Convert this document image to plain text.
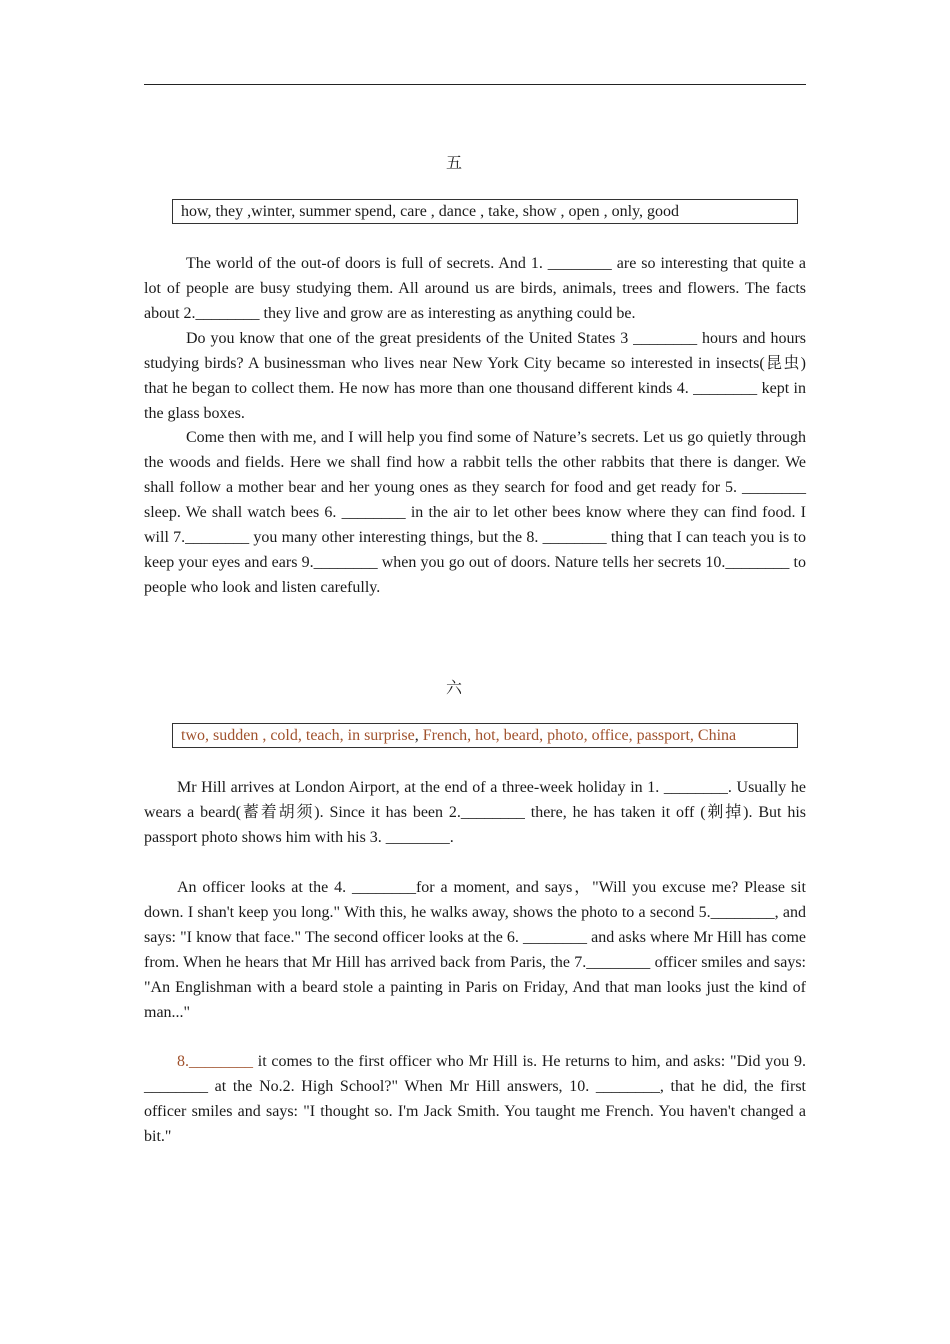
五
how, they ,winter, summer spend, care , dance , take, show , open , only, good

The world of the out-of doors is full of secrets. And 1. ________ are so interesting that quite a lot of people are busy studying them. All around us are birds, animals, trees and flowers. The facts about 2.________ they live and grow are as interesting as anything could be.

Do you know that one of the great presidents of the United States 3 ________ hours and hours studying birds? A businessman who lives near New York City became so interested in insects(昆虫) that he began to collect them. He now has more than one thousand different kinds 4. ________ kept in the glass boxes.

Come then with me, and I will help you find some of Nature’s secrets. Let us go quietly through the woods and fields. Here we shall find how a rabbit tells the other rabbits that there is danger. We shall follow a mother bear and her young ones as they search for food and get ready for 5. ________ sleep. We shall watch bees 6. ________ in the air to let other bees know where they can find food. I will 7.________ you many other interesting things, but the 8. ________ thing that I can teach you is to keep your eyes and ears 9.________ when you go out of doors. Nature tells her secrets 10.________ to people who look and listen carefully.

六
two, sudden , cold, teach, in surprise, French, hot, beard, photo, office, passport, China

Mr Hill arrives at London Airport, at the end of a three-week holiday in 1. ________. Usually he wears a beard(蓄着胡须). Since it has been 2.________ there, he has taken it off (剃掉). But his passport photo shows him with his 3. ________.

An officer looks at the 4. ________for a moment, and says，"Will you excuse me? Please sit down. I shan't keep you long." With this, he walks away, shows the photo to a second 5.________, and says: "I know that face." The second officer looks at the 6. ________ and asks where Mr Hill has come from. When he hears that Mr Hill has arrived back from Paris, the 7.________ officer smiles and says: "An Englishman with a beard stole a painting in Paris on Friday, And that man looks just the kind of man..."

8.________ it comes to the first officer who Mr Hill is. He returns to him, and asks: "Did you 9. ________ at the No.2. High School?" When Mr Hill answers, 10. ________, that he did, the first officer smiles and says: "I thought so. I'm Jack Smith. You taught me French. You haven't changed a bit."
